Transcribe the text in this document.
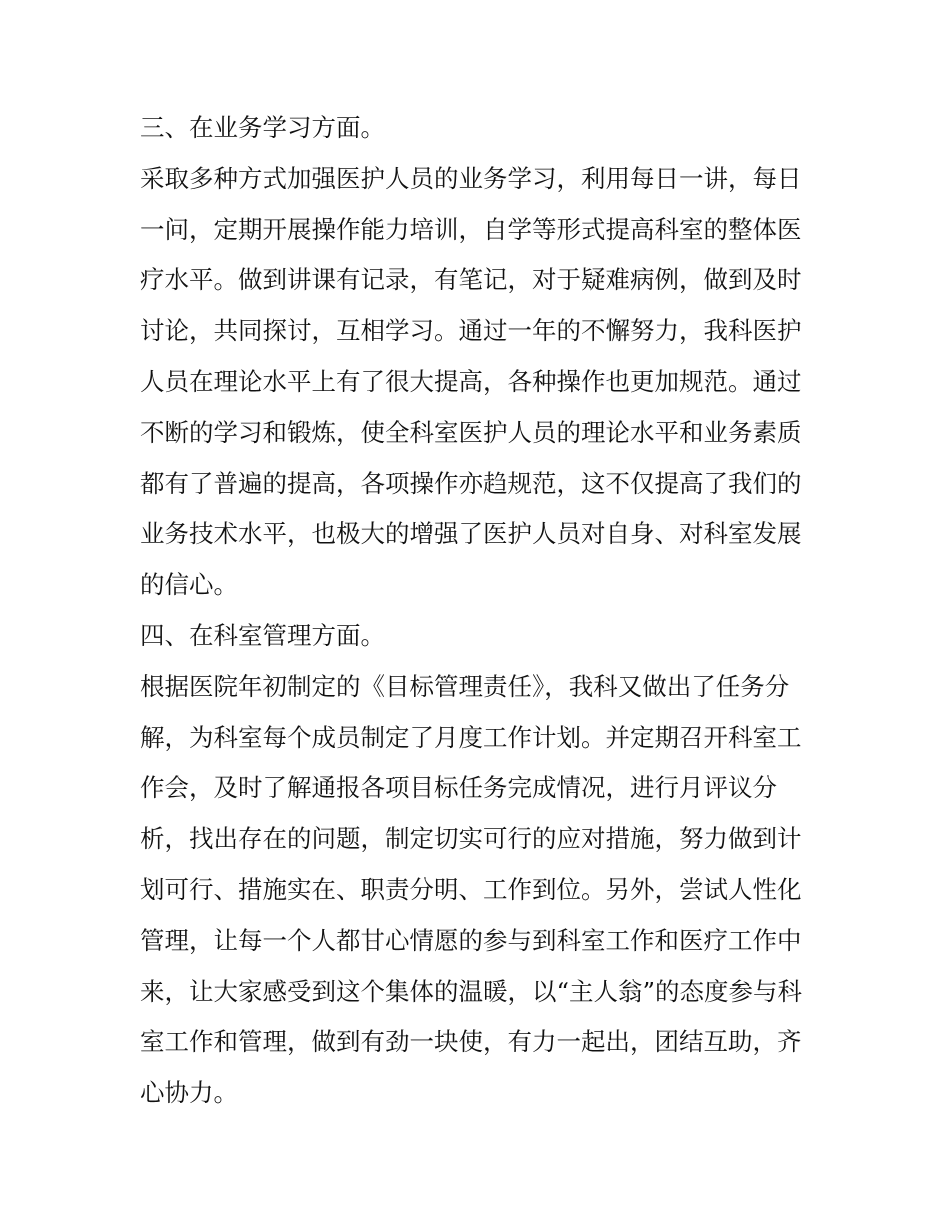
三、在业务学习方面。
采取多种方式加强医护人员的业务学习，利用每日一讲，每日
一问，定期开展操作能力培训，自学等形式提高科室的整体医
疗水平。做到讲课有记录，有笔记，对于疑难病例，做到及时
讨论，共同探讨，互相学习。通过一年的不懈努力，我科医护
人员在理论水平上有了很大提高，各种操作也更加规范。通过
不断的学习和锻炼，使全科室医护人员的理论水平和业务素质
都有了普遍的提高，各项操作亦趋规范，这不仅提高了我们的
业务技术水平，也极大的增强了医护人员对自身、对科室发展
的信心。
四、在科室管理方面。
根据医院年初制定的《目标管理责任》，我科又做出了任务分
解，为科室每个成员制定了月度工作计划。并定期召开科室工
作会，及时了解通报各项目标任务完成情况，进行月评议分
析，找出存在的问题，制定切实可行的应对措施，努力做到计
划可行、措施实在、职责分明、工作到位。另外，尝试人性化
管理，让每一个人都甘心情愿的参与到科室工作和医疗工作中
来，让大家感受到这个集体的温暖，以“主人翁”的态度参与科
室工作和管理，做到有劲一块使，有力一起出，团结互助，齐
心协力。
